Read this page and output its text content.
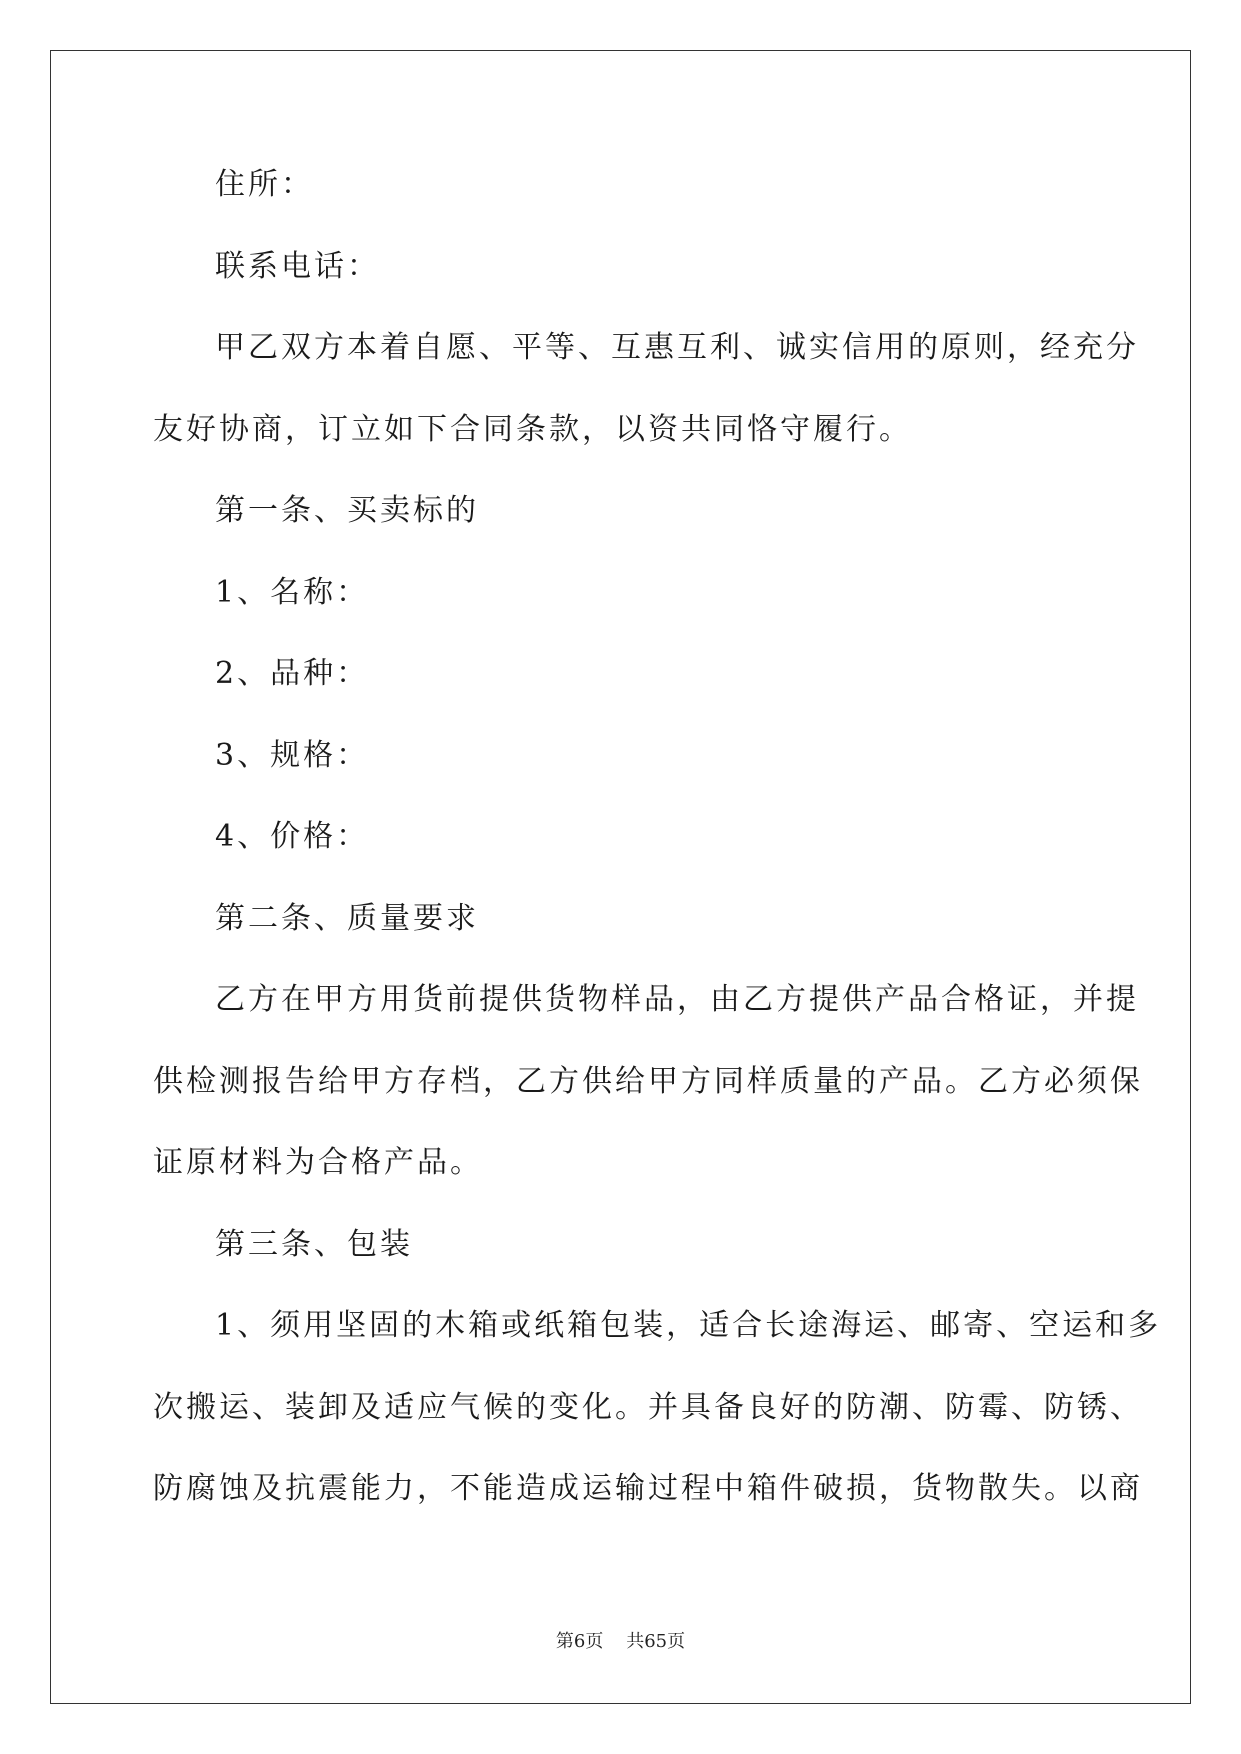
住所：
联系电话：
甲乙双方本着自愿、平等、互惠互利、诚实信用的原则，经充分
友好协商，订立如下合同条款，以资共同恪守履行。
第一条、买卖标的
1、名称：
2、品种：
3、规格：
4、价格：
第二条、质量要求
乙方在甲方用货前提供货物样品，由乙方提供产品合格证，并提
供检测报告给甲方存档，乙方供给甲方同样质量的产品。乙方必须保
证原材料为合格产品。
第三条、包装
1、须用坚固的木箱或纸箱包装，适合长途海运、邮寄、空运和多
次搬运、装卸及适应气候的变化。并具备良好的防潮、防霉、防锈、
防腐蚀及抗震能力，不能造成运输过程中箱件破损，货物散失。以商
第6页 共65页
